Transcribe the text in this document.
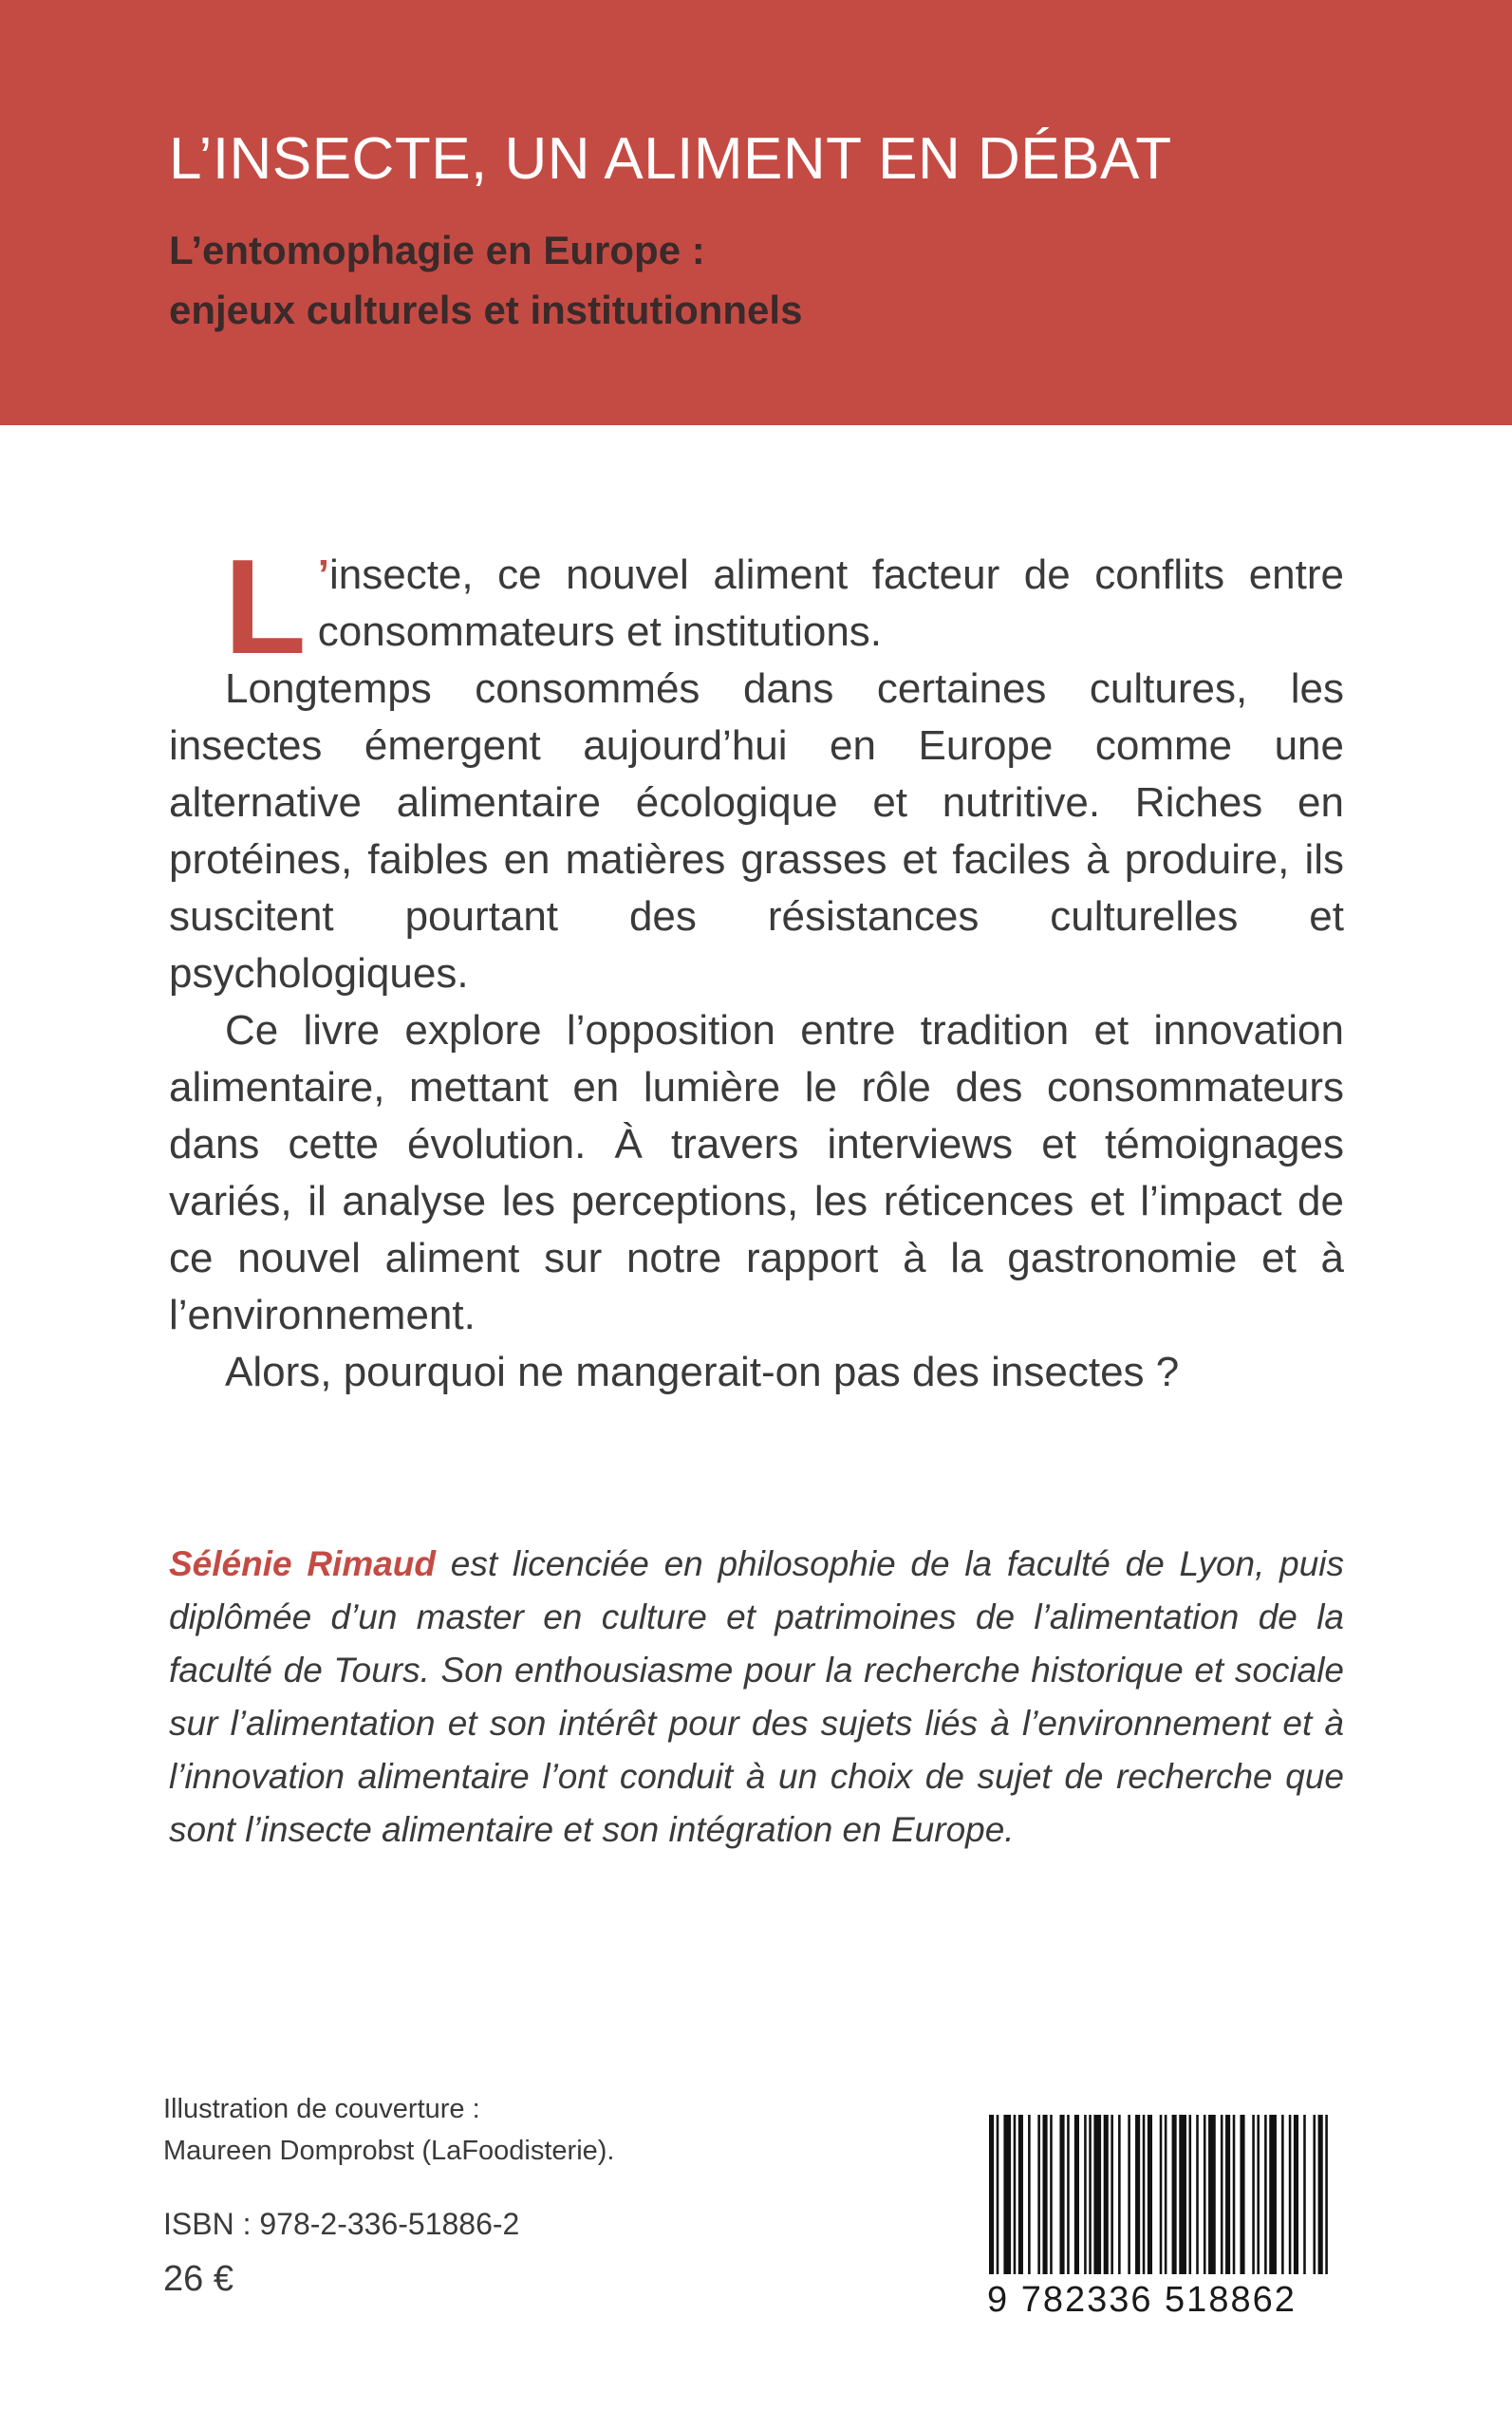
L’INSECTE, UN ALIMENT EN DÉBAT
L’entomophagie en Europe :
enjeux culturels et institutionnels

L ’insecte, ce nouvel aliment facteur de conflits entre consommateurs et institutions.

Longtemps consommés dans certaines cultures, les insectes émergent aujourd’hui en Europe comme une alternative alimentaire écologique et nutritive. Riches en protéines, faibles en matières grasses et faciles à produire, ils suscitent pourtant des résistances culturelles et psychologiques.

Ce livre explore l’opposition entre tradition et innovation alimentaire, mettant en lumière le rôle des consommateurs dans cette évolution. À travers interviews et témoignages variés, il analyse les perceptions, les réticences et l’impact de ce nouvel aliment sur notre rapport à la gastronomie et à l’environnement.

Alors, pourquoi ne mangerait-on pas des insectes ?

Sélénie Rimaud est licenciée en philosophie de la faculté de Lyon, puis diplômée d’un master en culture et patrimoines de l’alimentation de la faculté de Tours. Son enthousiasme pour la recherche historique et sociale sur l’alimentation et son intérêt pour des sujets liés à l’environnement et à l’innovation alimentaire l’ont conduit à un choix de sujet de recherche que sont l’insecte alimentaire et son intégration en Europe.

Illustration de couverture :
Maureen Domprobst (LaFoodisterie).
ISBN : 978-2-336-51886-2
26 €
9 782336 518862
